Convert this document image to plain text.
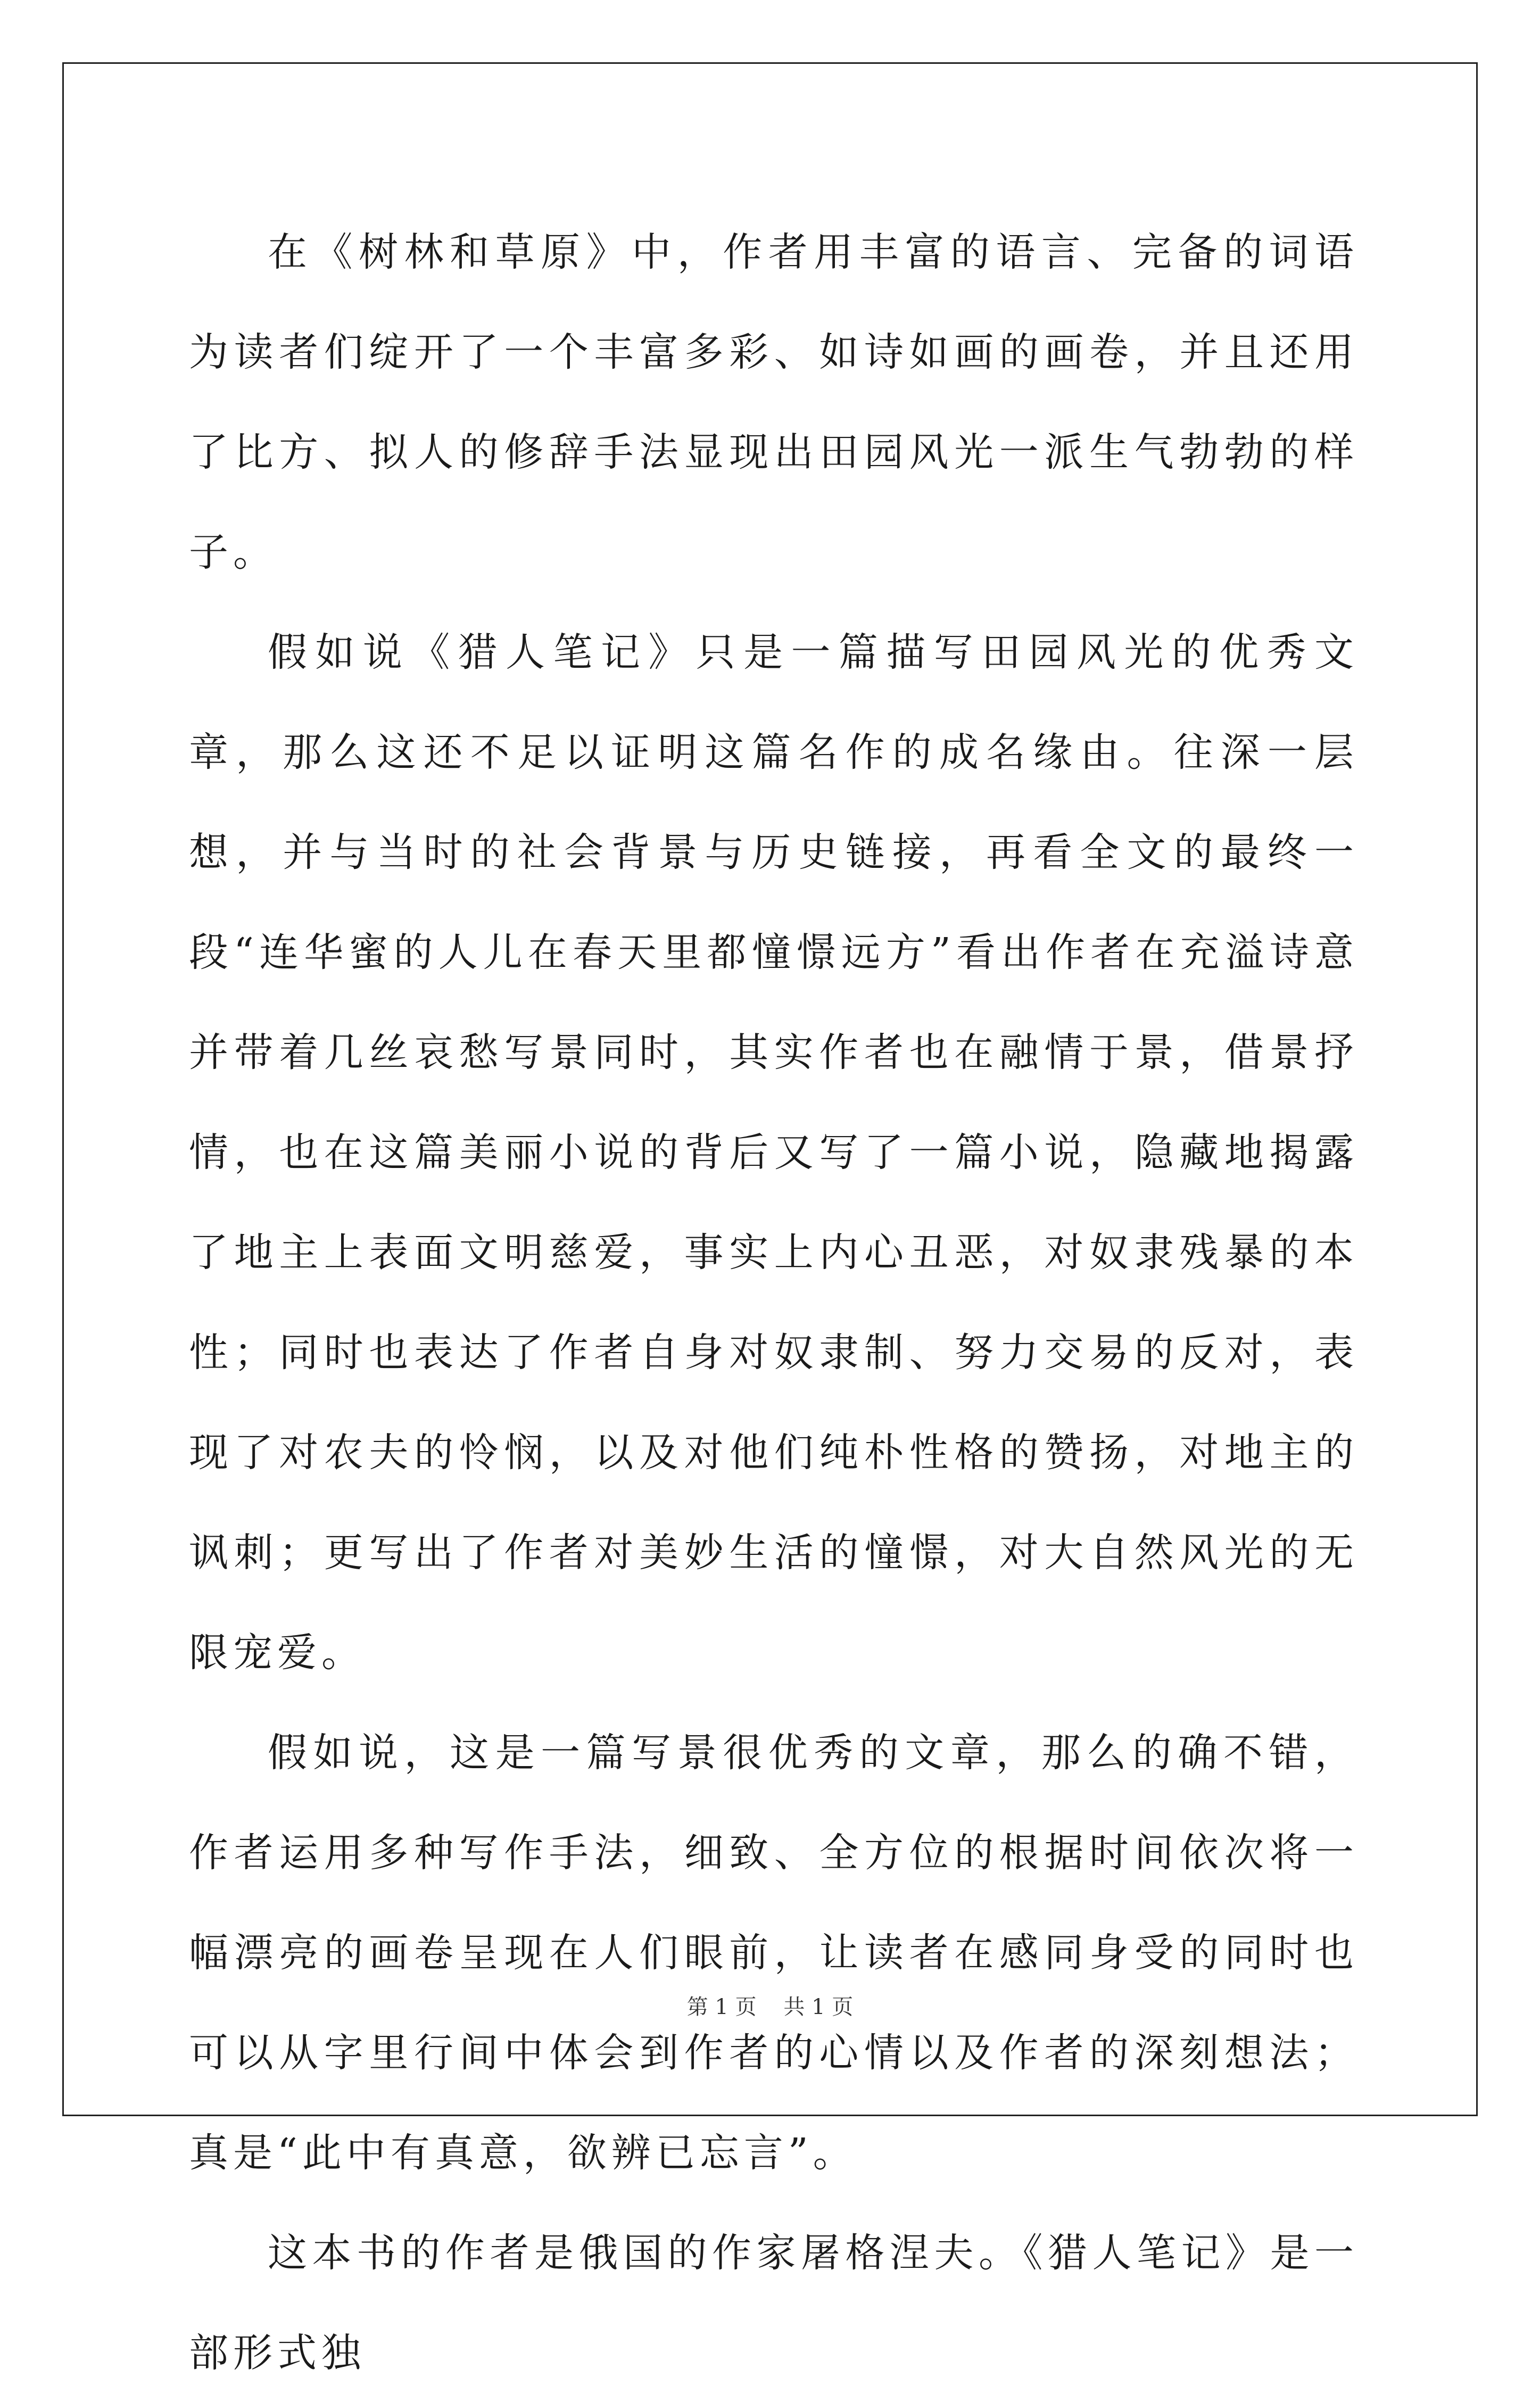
在《树林和草原》中，作者用丰富的语言、完备的词语为读者们绽开了一个丰富多彩、如诗如画的画卷，并且还用了比方、拟人的修辞手法显现出田园风光一派生气勃勃的样子。

假如说《猎人笔记》只是一篇描写田园风光的优秀文章，那么这还不足以证明这篇名作的成名缘由。往深一层想，并与当时的社会背景与历史链接，再看全文的最终一段“连华蜜的人儿在春天里都憧憬远方”看出作者在充溢诗意并带着几丝哀愁写景同时，其实作者也在融情于景，借景抒情，也在这篇美丽小说的背后又写了一篇小说，隐藏地揭露了地主上表面文明慈爱，事实上内心丑恶，对奴隶残暴的本性；同时也表达了作者自身对奴隶制、努力交易的反对，表现了对农夫的怜悯，以及对他们纯朴性格的赞扬，对地主的讽刺；更写出了作者对美妙生活的憧憬，对大自然风光的无限宠爱。

假如说，这是一篇写景很优秀的文章，那么的确不错，作者运用多种写作手法，细致、全方位的根据时间依次将一幅漂亮的画卷呈现在人们眼前，让读者在感同身受的同时也可以从字里行间中体会到作者的心情以及作者的深刻想法；真是“此中有真意，欲辨已忘言”。

这本书的作者是俄国的作家屠格涅夫。《猎人笔记》是一部形式独

第 1 页    共 1 页
